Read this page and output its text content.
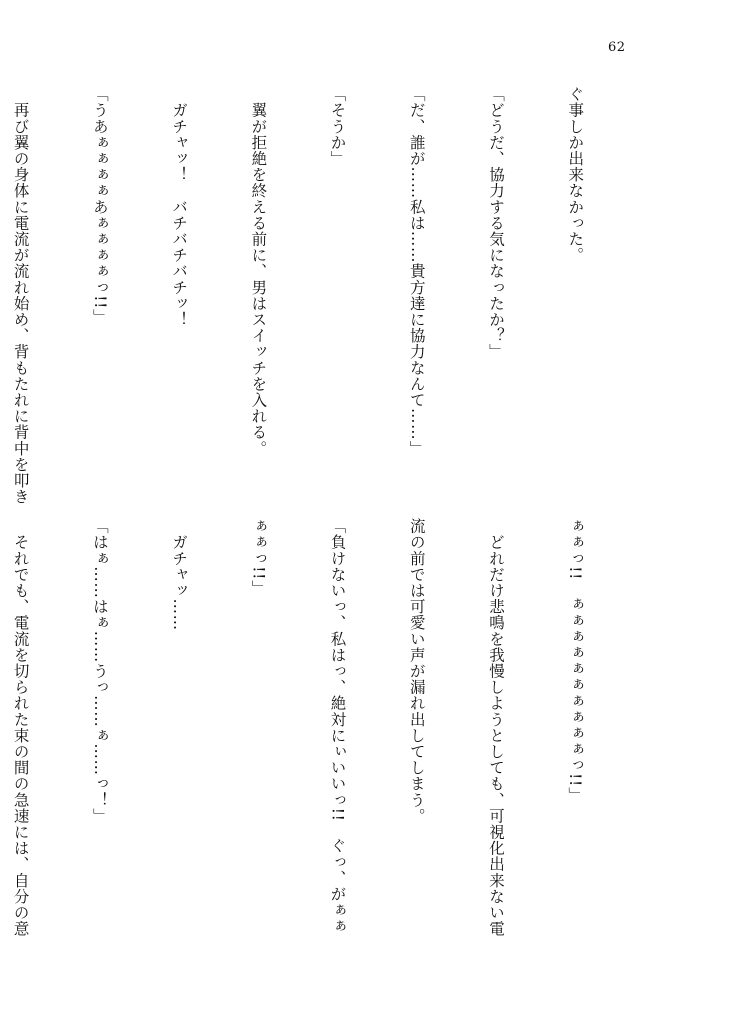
62

ぐ事しか出来なかった。

「どうだ、協力する気になったか？」

「だ、誰が……私は……貴方達に協力なんて……」

「そうか」

　翼が拒絶を終える前に、男はスイッチを入れる。

　ガチャッ！　バチバチバチッ！

「うあぁぁぁぁあぁぁぁぁっ!!」

　再び翼の身体に電流が流れ始め、背もたれに背中を叩き

ぁぁっ!!　ぁぁぁぁぁぁぁぁぁぁっ!!」

　どれだけ悲鳴を我慢しようとしても、可視化出来ない電

流の前では可愛い声が漏れ出してしまう。

「負けないっ、私はっ、絶対にぃいいっ!!　ぐっ、がぁぁ

ぁぁっ!!」

　ガチャッ……

「はぁ……はぁ……うっ……ぁ……っ！」

　それでも、電流を切られた束の間の急速には、自分の意
